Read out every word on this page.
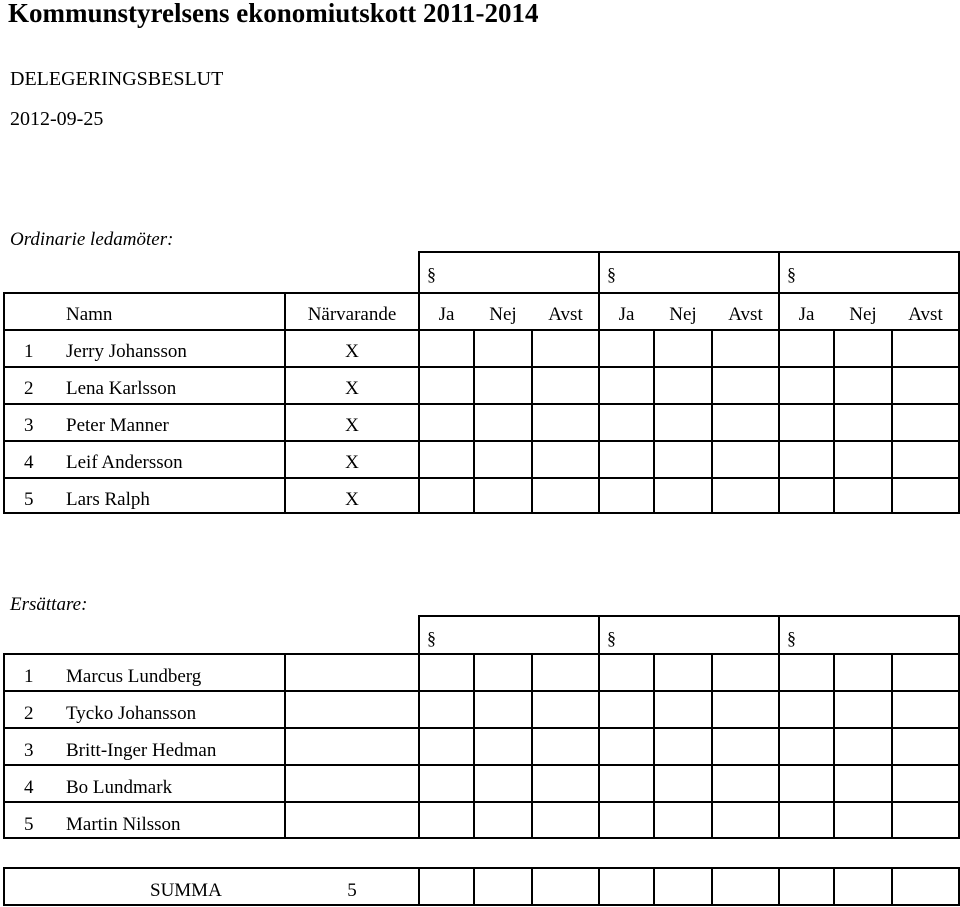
Kommunstyrelsens ekonomiutskott 2011-2014
DELEGERINGSBESLUT
2012-09-25
Ordinarie ledamöter:
§	§	§
Namn	Närvarande	Ja	Nej	Avst	Ja	Nej	Avst	Ja	Nej	Avst
1 Jerry Johansson	X
2 Lena Karlsson	X
3 Peter Manner	X
4 Leif Andersson	X
5 Lars Ralph	X
Ersättare:
§	§	§
1 Marcus Lundberg
2 Tycko Johansson
3 Britt-Inger Hedman
4 Bo Lundmark
5 Martin Nilsson
SUMMA	5
